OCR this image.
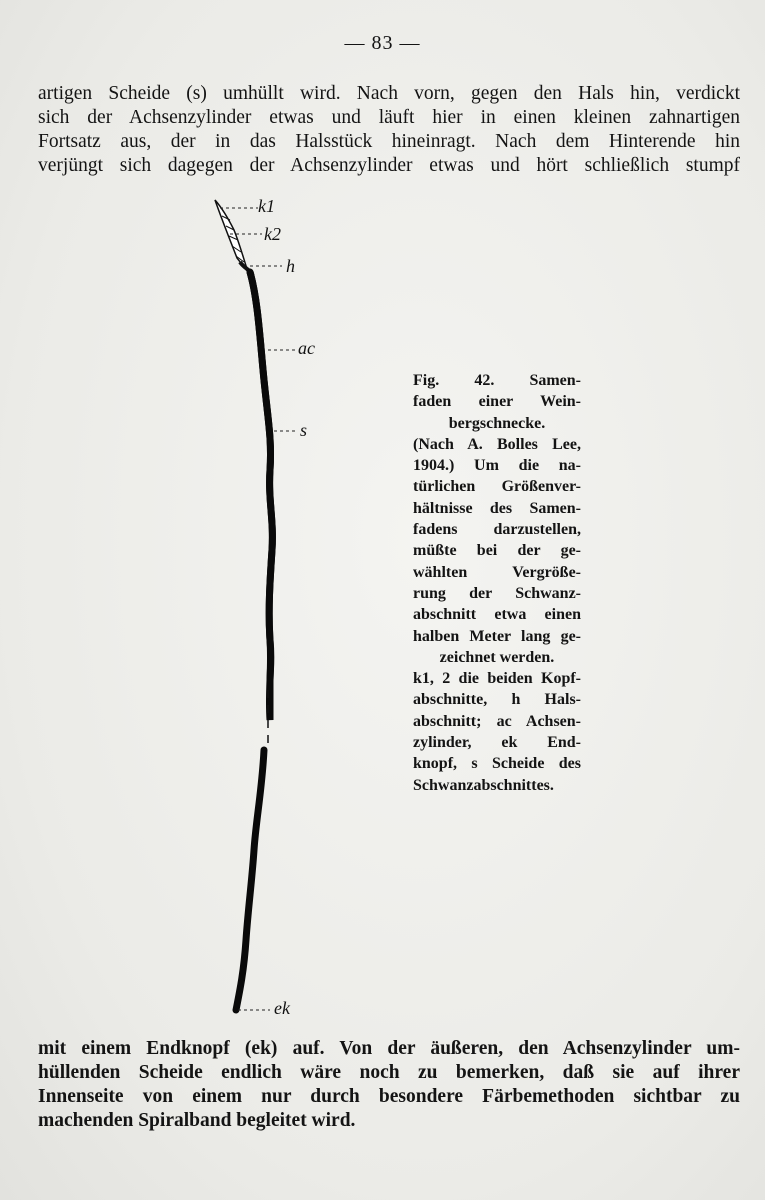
— 83 —

artigen Scheide (s) umhüllt wird. Nach vorn, gegen den Hals hin, verdickt
sich der Achsenzylinder etwas und läuft hier in einen kleinen zahnartigen
Fortsatz aus, der in das Halsstück hineinragt. Nach dem Hinterende hin
verjüngt sich dagegen der Achsenzylinder etwas und hört schließlich stumpf

k1
k2
h
ac
s
ek
Fig. 42. Samen-
faden einer Wein-
bergschnecke.
(Nach A. Bolles Lee,
1904.) Um die na-
türlichen Größenver-
hältnisse des Samen-
fadens darzustellen,
müßte bei der ge-
wählten Vergröße-
rung der Schwanz-
abschnitt etwa einen
halben Meter lang ge-
zeichnet werden.
k1, 2 die beiden Kopf-
abschnitte, h Hals-
abschnitt; ac Achsen-
zylinder, ek End-
knopf, s Scheide des
Schwanzabschnittes.

mit einem Endknopf (ek) auf. Von der äußeren, den Achsenzylinder um-
hüllenden Scheide endlich wäre noch zu bemerken, daß sie auf ihrer
Innenseite von einem nur durch besondere Färbemethoden sichtbar zu
machenden Spiralband begleitet wird.
